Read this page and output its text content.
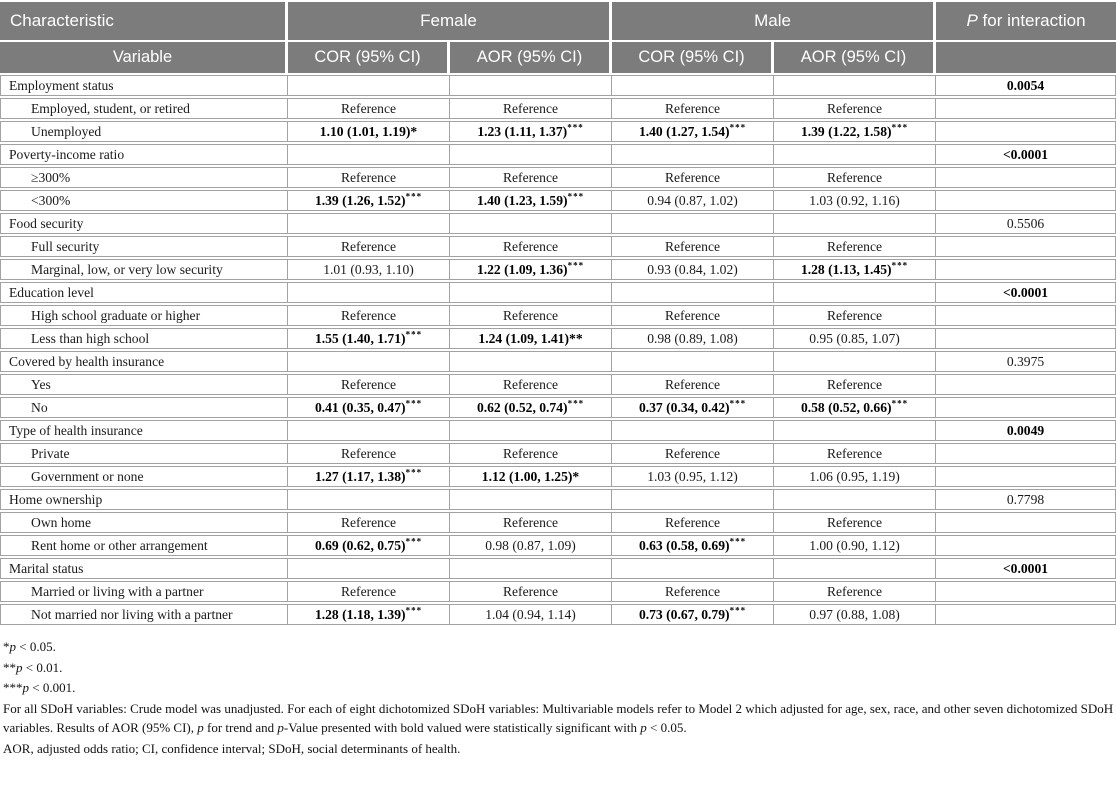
Characteristic	Female		Male		P for interaction
Variable	COR (95% CI)	AOR (95% CI)	COR (95% CI)	AOR (95% CI)	
Employment status					0.0054
Employed, student, or retired	Reference	Reference	Reference	Reference	
Unemployed	1.10 (1.01, 1.19)*	1.23 (1.11, 1.37)***	1.40 (1.27, 1.54)***	1.39 (1.22, 1.58)***	
Poverty-income ratio					<0.0001
≥300%	Reference	Reference	Reference	Reference	
<300%	1.39 (1.26, 1.52)***	1.40 (1.23, 1.59)***	0.94 (0.87, 1.02)	1.03 (0.92, 1.16)	
Food security					0.5506
Full security	Reference	Reference	Reference	Reference	
Marginal, low, or very low security	1.01 (0.93, 1.10)	1.22 (1.09, 1.36)***	0.93 (0.84, 1.02)	1.28 (1.13, 1.45)***	
Education level					<0.0001
High school graduate or higher	Reference	Reference	Reference	Reference	
Less than high school	1.55 (1.40, 1.71)***	1.24 (1.09, 1.41)**	0.98 (0.89, 1.08)	0.95 (0.85, 1.07)	
Covered by health insurance					0.3975
Yes	Reference	Reference	Reference	Reference	
No	0.41 (0.35, 0.47)***	0.62 (0.52, 0.74)***	0.37 (0.34, 0.42)***	0.58 (0.52, 0.66)***	
Type of health insurance					0.0049
Private	Reference	Reference	Reference	Reference	
Government or none	1.27 (1.17, 1.38)***	1.12 (1.00, 1.25)*	1.03 (0.95, 1.12)	1.06 (0.95, 1.19)	
Home ownership					0.7798
Own home	Reference	Reference	Reference	Reference	
Rent home or other arrangement	0.69 (0.62, 0.75)***	0.98 (0.87, 1.09)	0.63 (0.58, 0.69)***	1.00 (0.90, 1.12)	
Marital status					<0.0001
Married or living with a partner	Reference	Reference	Reference	Reference	
Not married nor living with a partner	1.28 (1.18, 1.39)***	1.04 (0.94, 1.14)	0.73 (0.67, 0.79)***	0.97 (0.88, 1.08)	
*p < 0.05.
**p < 0.01.
***p < 0.001.
For all SDoH variables: Crude model was unadjusted. For each of eight dichotomized SDoH variables: Multivariable models refer to Model 2 which adjusted for age, sex, race, and other seven dichotomized SDoH variables. Results of AOR (95% CI), p for trend and p-Value presented with bold valued were statistically significant with p < 0.05.
AOR, adjusted odds ratio; CI, confidence interval; SDoH, social determinants of health.
